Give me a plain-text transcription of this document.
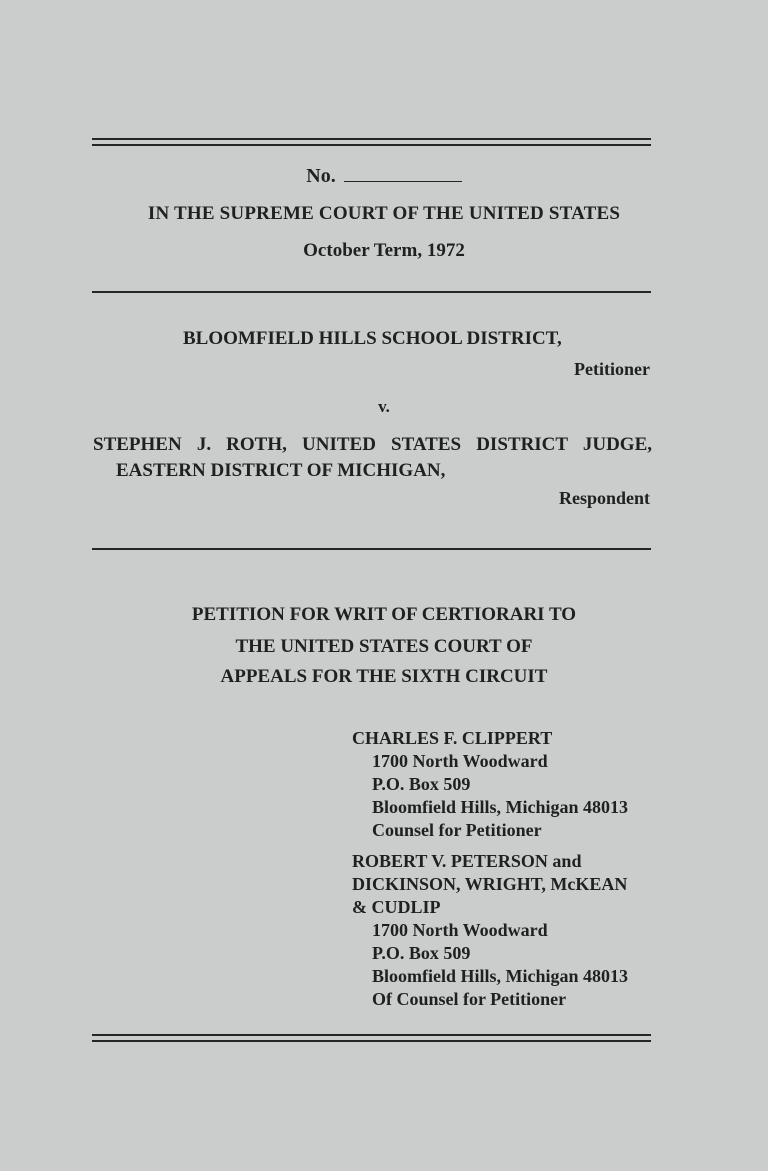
No.
IN THE SUPREME COURT OF THE UNITED STATES
October Term, 1972
BLOOMFIELD HILLS SCHOOL DISTRICT,
Petitioner
v.
STEPHEN J. ROTH, UNITED STATES DISTRICT JUDGE,
EASTERN DISTRICT OF MICHIGAN,
Respondent
PETITION FOR WRIT OF CERTIORARI TO
THE UNITED STATES COURT OF
APPEALS FOR THE SIXTH CIRCUIT
CHARLES F. CLIPPERT
1700 North Woodward
P.O. Box 509
Bloomfield Hills, Michigan 48013
Counsel for Petitioner
ROBERT V. PETERSON and
DICKINSON, WRIGHT, McKEAN
& CUDLIP
1700 North Woodward
P.O. Box 509
Bloomfield Hills, Michigan 48013
Of Counsel for Petitioner
